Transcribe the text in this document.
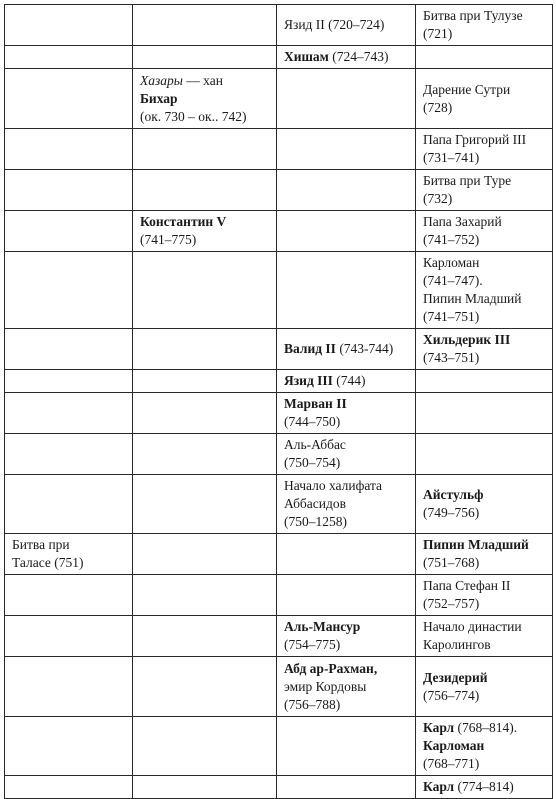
		Язид II (720–724)	Битва при Тулузе
(721)

		Хишам (724–743)	

	Хазары — хан
Бихар
(ок. 730 – ок.. 742)		Дарение Сутри
(728)

			Папа Григорий III
(731–741)

			Битва при Туре
(732)

	Константин V
(741–775)		Папа Захарий
(741–752)

			Карломан
(741–747).
Пипин Младший
(741–751)

		Валид II (743-744)	Хильдерик III
(743–751)

		Язид III (744)	

		Марван II
(744–750)	

		Аль-Аббас
(750–754)	

		Начало халифата
Аббасидов
(750–1258)	Айстульф
(749–756)

Битва при
Таласе (751)			Пипин Младший
(751–768)

			Папа Стефан II
(752–757)

		Аль-Мансур
(754–775)	Начало династии
Каролингов

		Абд ар-Рахман,
эмир Кордовы
(756–788)	Дезидерий
(756–774)

			Карл (768–814).
Карломан
(768–771)

			Карл (774–814)
